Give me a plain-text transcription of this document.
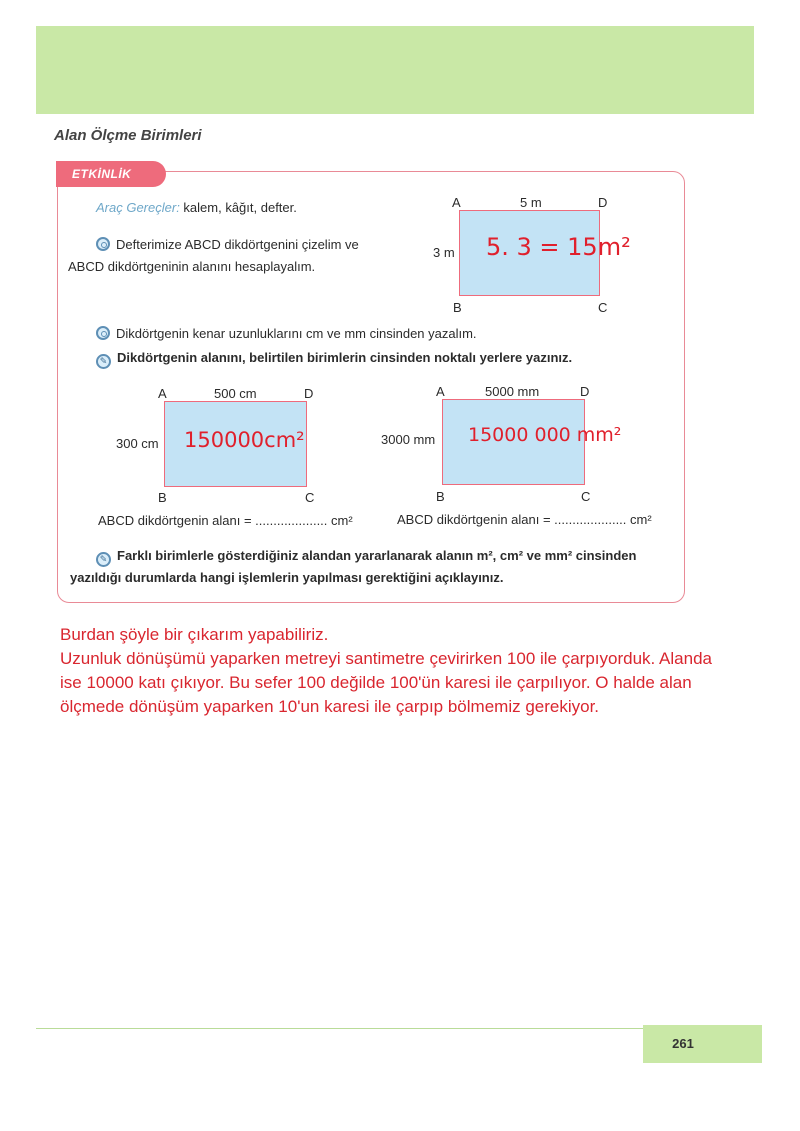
Alan Ölçme Birimleri
ETKİNLİK
Araç Gereçler: kalem, kâğıt, defter.
Defterimize ABCD dikdörtgenini çizelim ve
ABCD dikdörtgeninin alanını hesaplayalım.
A	5 m	D
3 m 5. 3 = 15m²
B	C
Dikdörtgenin kenar uzunluklarını cm ve mm cinsinden yazalım.
✎ Dikdörtgenin alanını, belirtilen birimlerin cinsinden noktalı yerlere yazınız.
A	500 cm	D
300 cm 150000cm²
B	C
ABCD dikdörtgenin alanı = .................... cm²
A	5000 mm	D
3000 mm 15000 000 mm²
B	C
ABCD dikdörtgenin alanı = .................... cm²
✎ Farklı birimlerle gösterdiğiniz alandan yararlanarak alanın m², cm² ve mm² cinsinden
yazıldığı durumlarda hangi işlemlerin yapılması gerektiğini açıklayınız.
Burdan şöyle bir çıkarım yapabiliriz.
Uzunluk dönüşümü yaparken metreyi santimetre çevirirken 100 ile çarpıyorduk. Alanda
ise 10000 katı çıkıyor. Bu sefer 100 değilde 100'ün karesi ile çarpılıyor. O halde alan
ölçmede dönüşüm yaparken 10'un karesi ile çarpıp bölmemiz gerekiyor.
261
